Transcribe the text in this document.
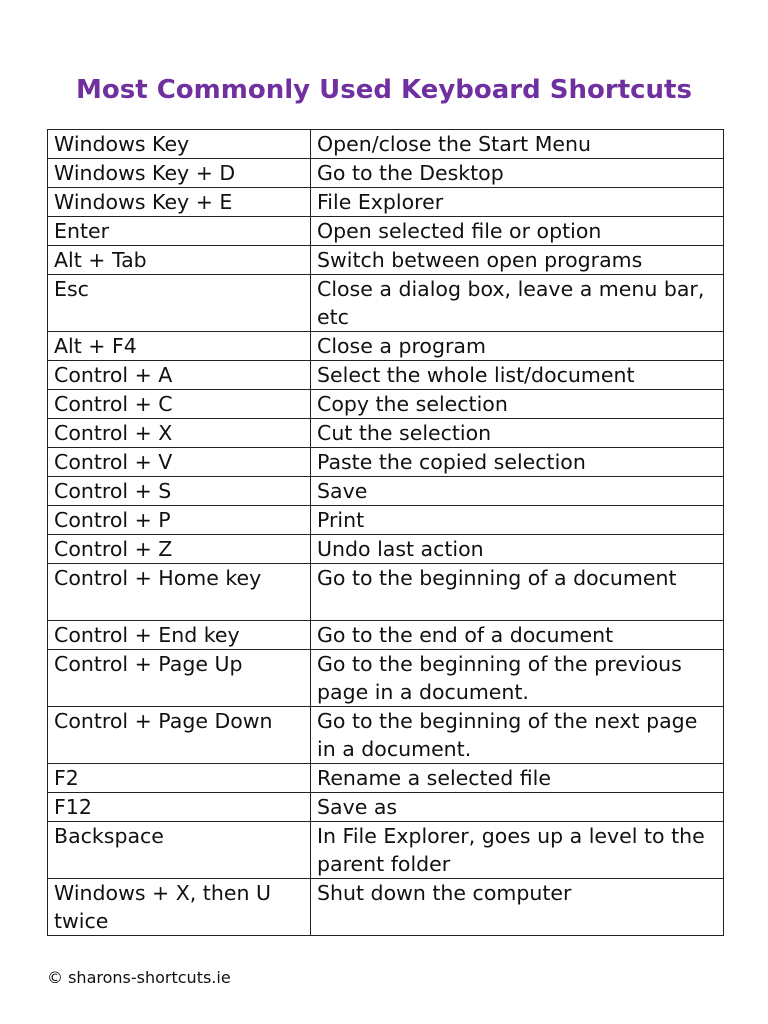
Most Commonly Used Keyboard Shortcuts
Windows Key	Open/close the Start Menu
Windows Key + D	Go to the Desktop
Windows Key + E	File Explorer
Enter	Open selected file or option
Alt + Tab	Switch between open programs
Esc	Close a dialog box, leave a menu bar, etc
Alt + F4	Close a program
Control + A	Select the whole list/document
Control + C	Copy the selection
Control + X	Cut the selection
Control + V	Paste the copied selection
Control + S	Save
Control + P	Print
Control + Z	Undo last action
Control + Home key	Go to the beginning of a document
Control + End key	Go to the end of a document
Control + Page Up	Go to the beginning of the previous page in a document.
Control + Page Down	Go to the beginning of the next page in a document.
F2	Rename a selected file
F12	Save as
Backspace	In File Explorer, goes up a level to the parent folder
Windows + X, then U twice	Shut down the computer
© sharons-shortcuts.ie
